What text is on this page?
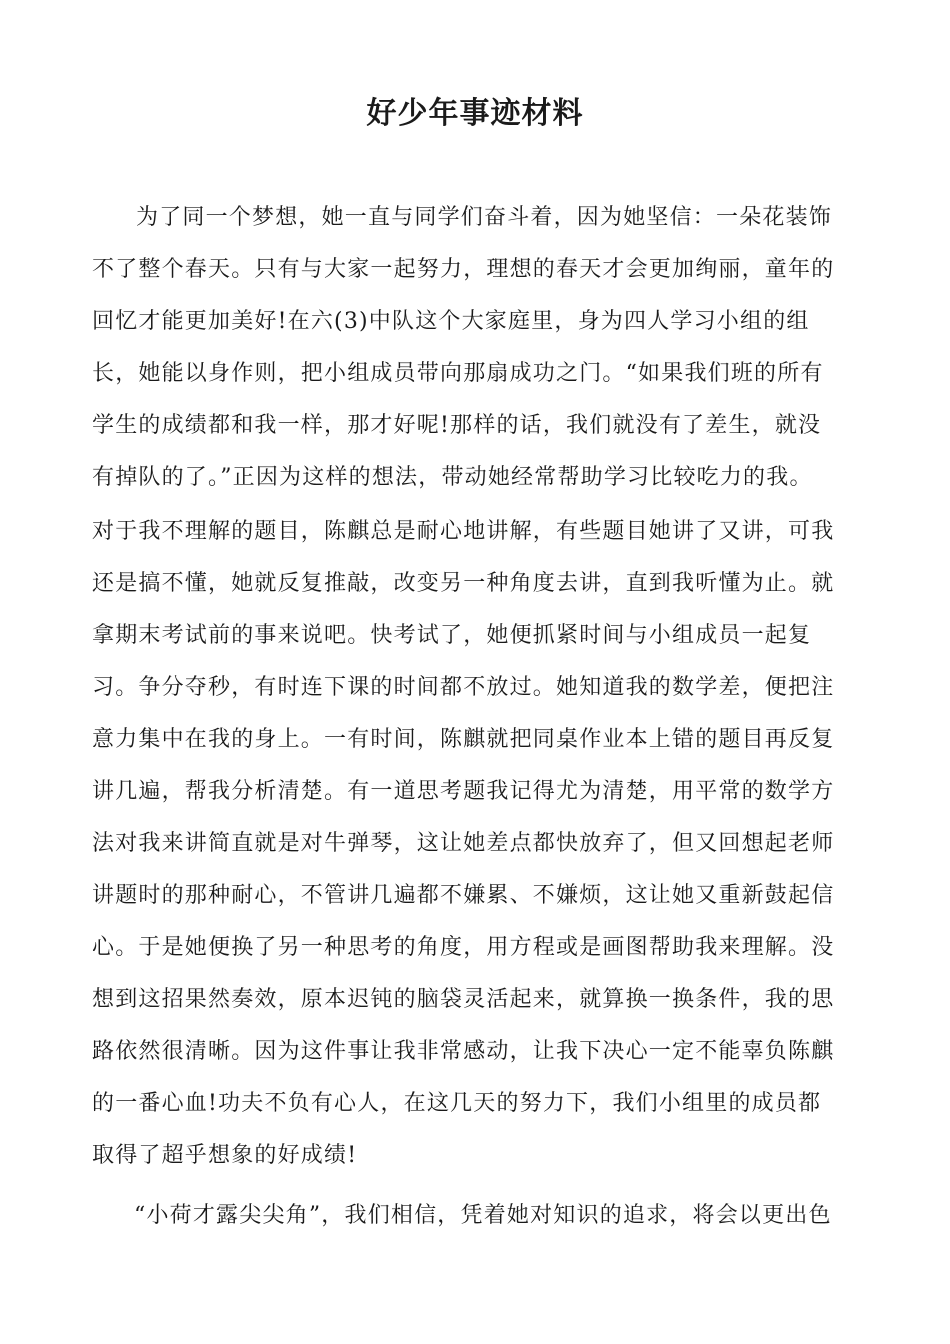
好少年事迹材料

为了同一个梦想，她一直与同学们奋斗着，因为她坚信：一朵花装饰

不了整个春天。只有与大家一起努力，理想的春天才会更加绚丽，童年的

回忆才能更加美好!在六(3)中队这个大家庭里，身为四人学习小组的组

长，她能以身作则，把小组成员带向那扇成功之门。“如果我们班的所有

学生的成绩都和我一样，那才好呢!那样的话，我们就没有了差生，就没

有掉队的了。”正因为这样的想法，带动她经常帮助学习比较吃力的我。

对于我不理解的题目，陈麒总是耐心地讲解，有些题目她讲了又讲，可我

还是搞不懂，她就反复推敲，改变另一种角度去讲，直到我听懂为止。就

拿期末考试前的事来说吧。快考试了，她便抓紧时间与小组成员一起复

习。争分夺秒，有时连下课的时间都不放过。她知道我的数学差，便把注

意力集中在我的身上。一有时间，陈麒就把同桌作业本上错的题目再反复

讲几遍，帮我分析清楚。有一道思考题我记得尤为清楚，用平常的数学方

法对我来讲简直就是对牛弹琴，这让她差点都快放弃了，但又回想起老师

讲题时的那种耐心，不管讲几遍都不嫌累、不嫌烦，这让她又重新鼓起信

心。于是她便换了另一种思考的角度，用方程或是画图帮助我来理解。没

想到这招果然奏效，原本迟钝的脑袋灵活起来，就算换一换条件，我的思

路依然很清晰。因为这件事让我非常感动，让我下决心一定不能辜负陈麒

的一番心血!功夫不负有心人，在这几天的努力下，我们小组里的成员都

取得了超乎想象的好成绩!

“小荷才露尖尖角”，我们相信，凭着她对知识的追求，将会以更出色
